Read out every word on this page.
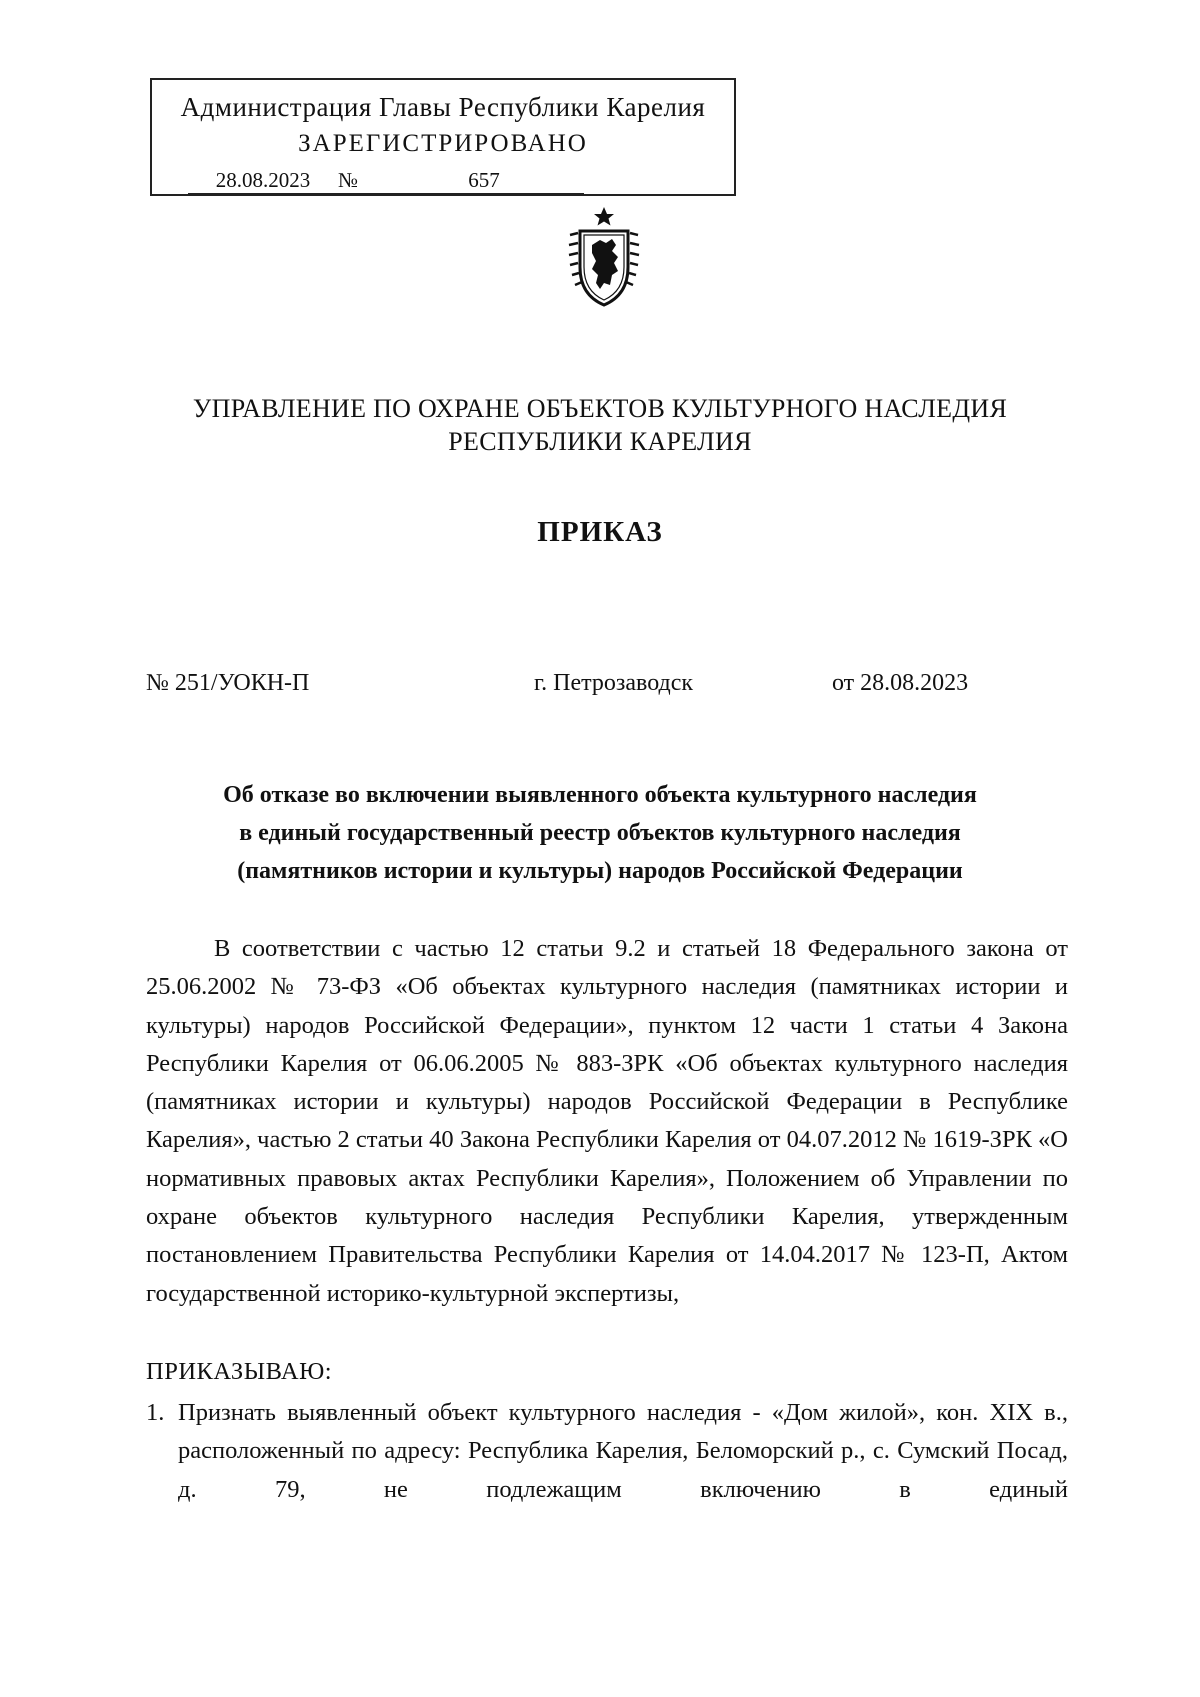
Администрация Главы Республики Карелия
ЗАРЕГИСТРИРОВАНО
28.08.2023 №	657
УПРАВЛЕНИЕ ПО ОХРАНЕ ОБЪЕКТОВ КУЛЬТУРНОГО НАСЛЕДИЯ
РЕСПУБЛИКИ КАРЕЛИЯ
ПРИКАЗ
№ 251/УОКН-П	г. Петрозаводск	от 28.08.2023
Об отказе во включении выявленного объекта культурного наследия
в единый государственный реестр объектов культурного наследия
(памятников истории и культуры) народов Российской Федерации

В соответствии с частью 12 статьи 9.2 и статьей 18 Федерального закона от 25.06.2002 № 73-ФЗ «Об объектах культурного наследия (памятниках истории и культуры) народов Российской Федерации», пунктом 12 части 1 статьи 4 Закона Республики Карелия от 06.06.2005 № 883-ЗРК «Об объектах культурного наследия (памятниках истории и культуры) народов Российской Федерации в Республике Карелия», частью 2 статьи 40 Закона Республики Карелия от 04.07.2012 № 1619-ЗРК «О нормативных правовых актах Республики Карелия», Положением об Управлении по охране объектов культурного наследия Республики Карелия, утвержденным постановлением Правительства Республики Карелия от 14.04.2017 № 123-П, Актом государственной историко-культурной экспертизы,

ПРИКАЗЫВАЮ:
1. Признать выявленный объект культурного наследия - «Дом жилой», кон. XIX в., расположенный по адресу: Республика Карелия, Беломорский р., с. Сумский Посад, д. 79, не подлежащим включению в единый
